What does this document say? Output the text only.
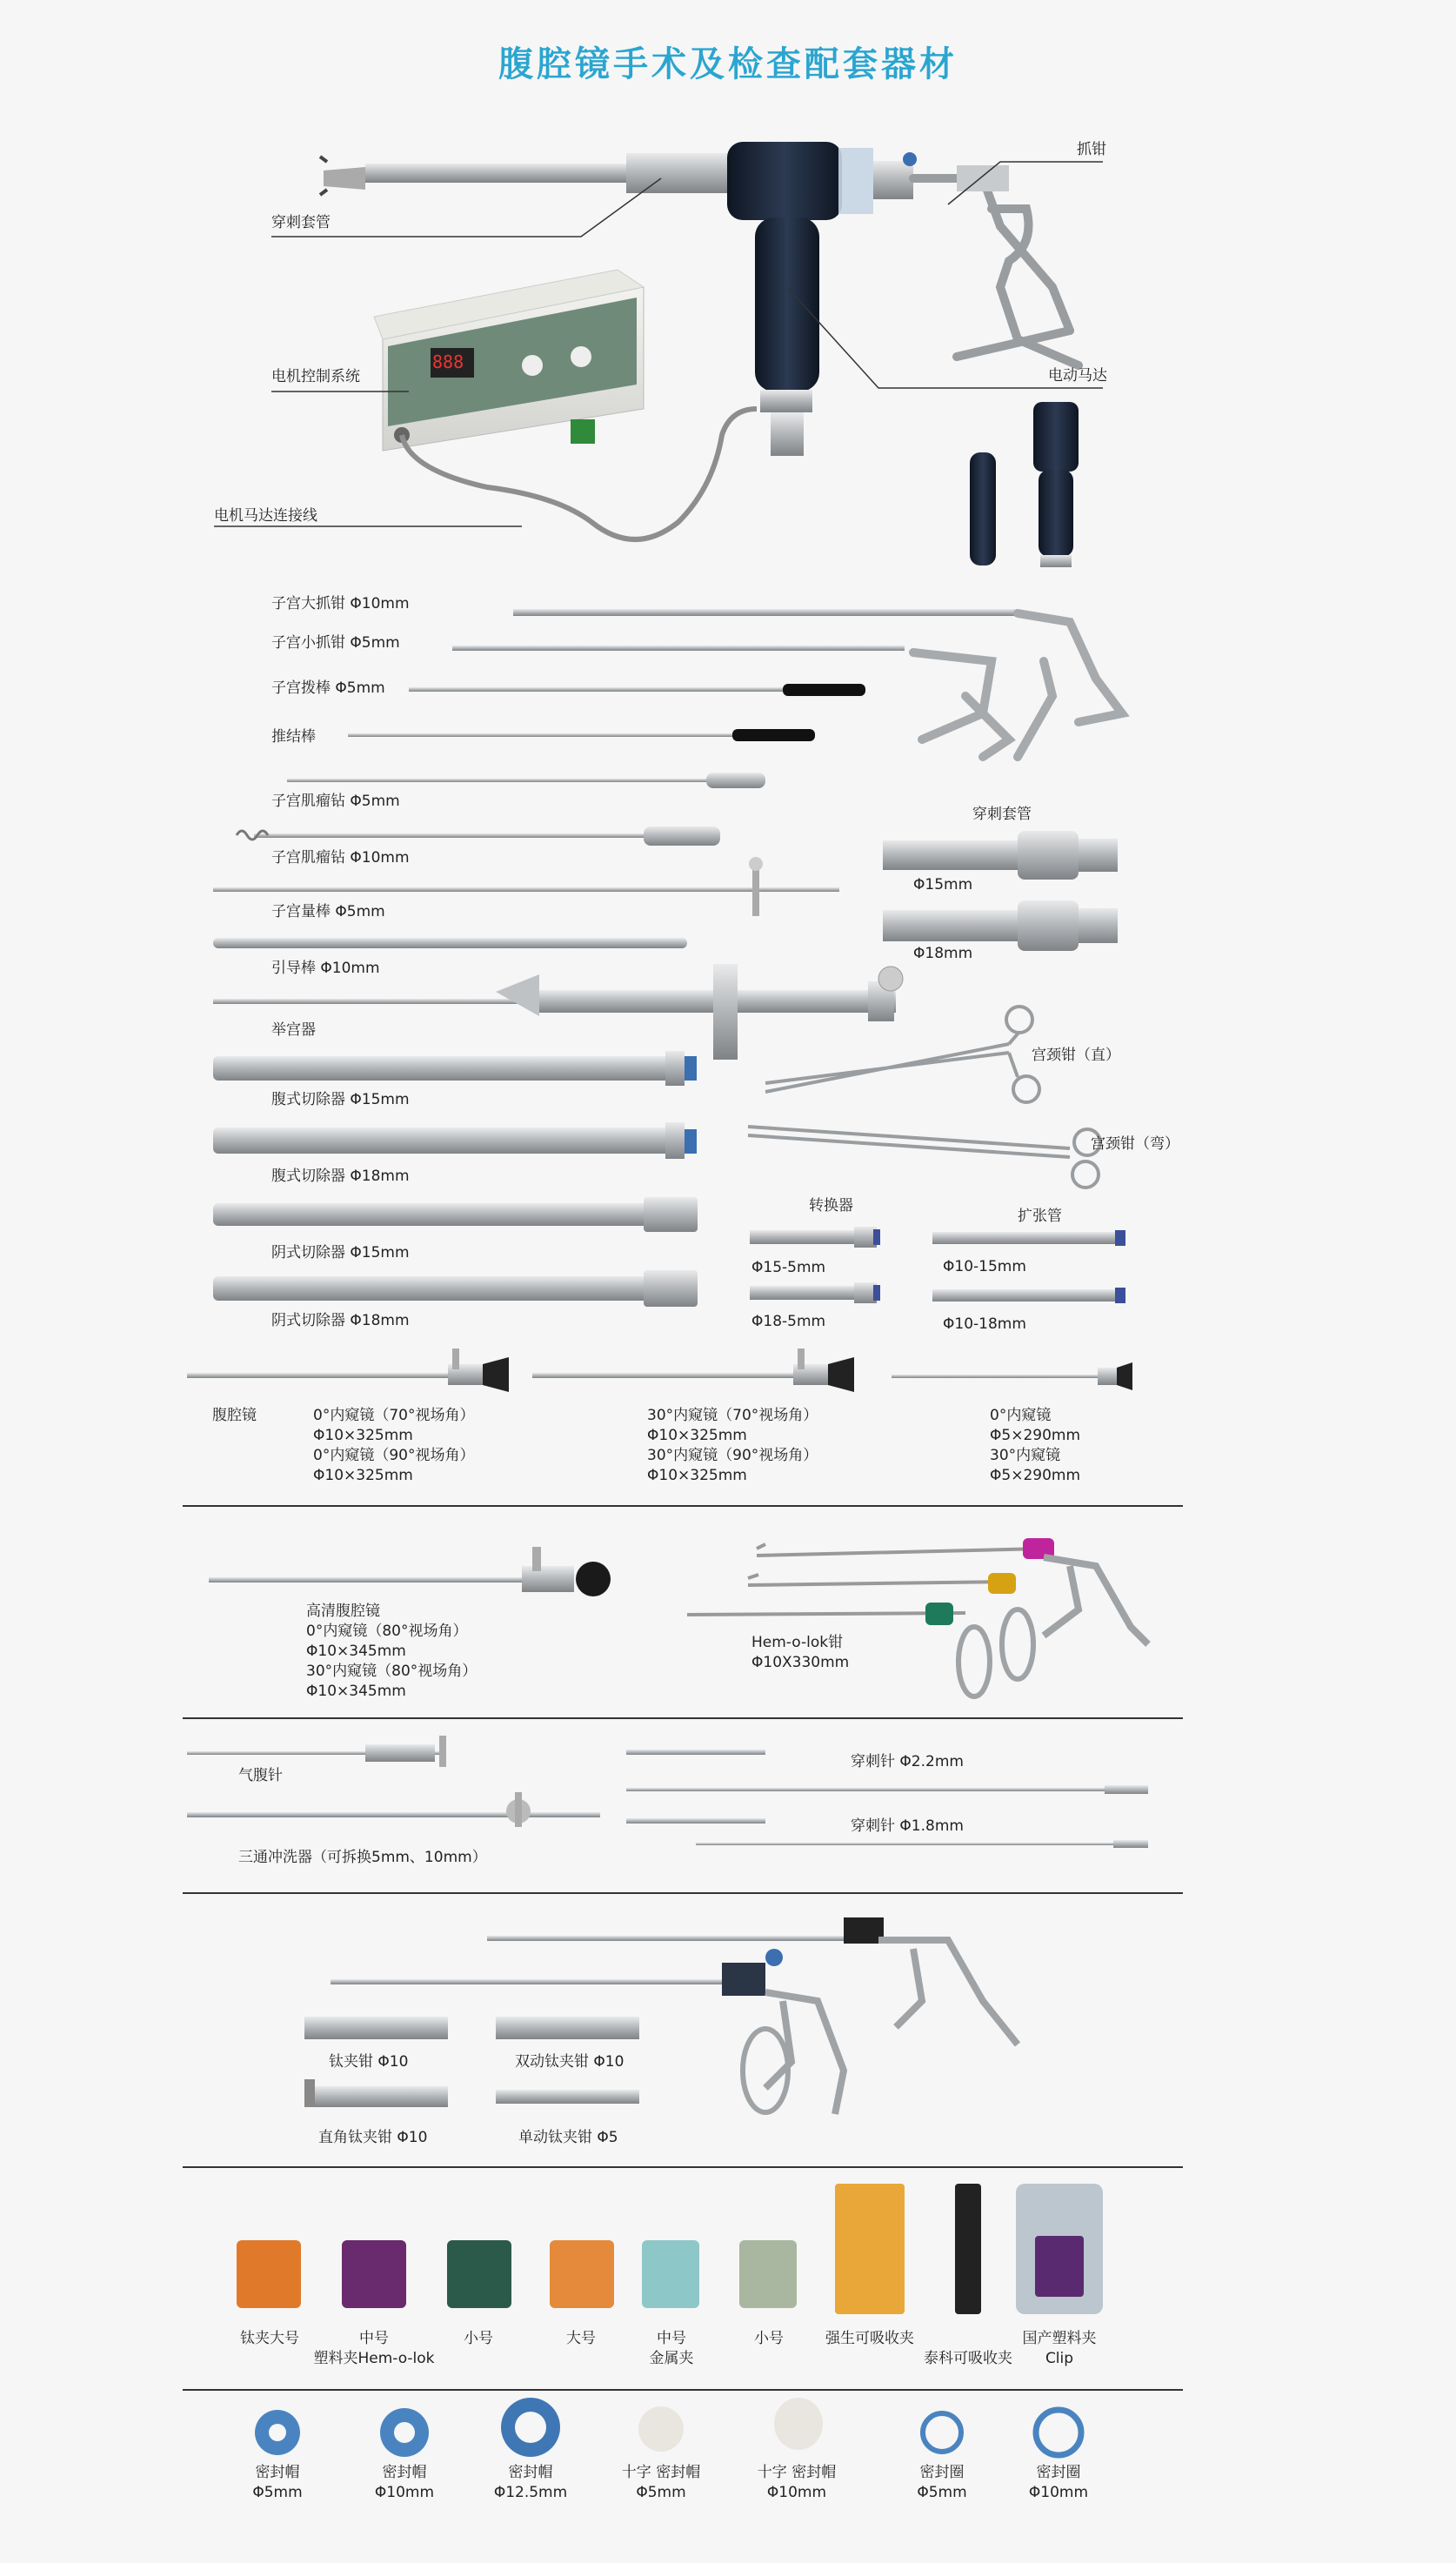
腹腔镜手术及检查配套器材
穿刺套管
抓钳
电机控制系统	电动马达
电机马达连接线
888
子宫大抓钳 Φ10mm
子宫小抓钳 Φ5mm
子宫拨棒 Φ5mm
推结棒
子宫肌瘤钻 Φ5mm
子宫肌瘤钻 Φ10mm
子宫量棒 Φ5mm
引导棒 Φ10mm
举宫器
腹式切除器 Φ15mm
腹式切除器 Φ18mm
阴式切除器 Φ15mm
阴式切除器 Φ18mm
穿刺套管
Φ15mm
Φ18mm
宫颈钳（直）
宫颈钳（弯）
转换器
Φ15-5mm
Φ18-5mm
扩张管
Φ10-15mm
Φ10-18mm
腹腔镜	0°内窥镜（70°视场角）
Φ10×325mm
0°内窥镜（90°视场角）
Φ10×325mm
30°内窥镜（70°视场角）
Φ10×325mm
30°内窥镜（90°视场角）
Φ10×325mm
0°内窥镜
Φ5×290mm
30°内窥镜
Φ5×290mm
高清腹腔镜
0°内窥镜（80°视场角）
Φ10×345mm
30°内窥镜（80°视场角）
Φ10×345mm
Hem-o-lok钳
Φ10X330mm
气腹针
三通冲洗器（可拆换5mm、10mm）
穿刺针 Φ2.2mm
穿刺针 Φ1.8mm
钛夹钳 Φ10	双动钛夹钳 Φ10
直角钛夹钳 Φ10	单动钛夹钳 Φ5
钛夹大号	中号
塑料夹Hem-o-lok
小号	大号	中号
金属夹
小号	强生可吸收夹
泰科可吸收夹
国产塑料夹
Clip
密封帽
Φ5mm
密封帽
Φ10mm
密封帽
Φ12.5mm
十字 密封帽
Φ5mm
十字 密封帽
Φ10mm
密封圈
Φ5mm
密封圈
Φ10mm
